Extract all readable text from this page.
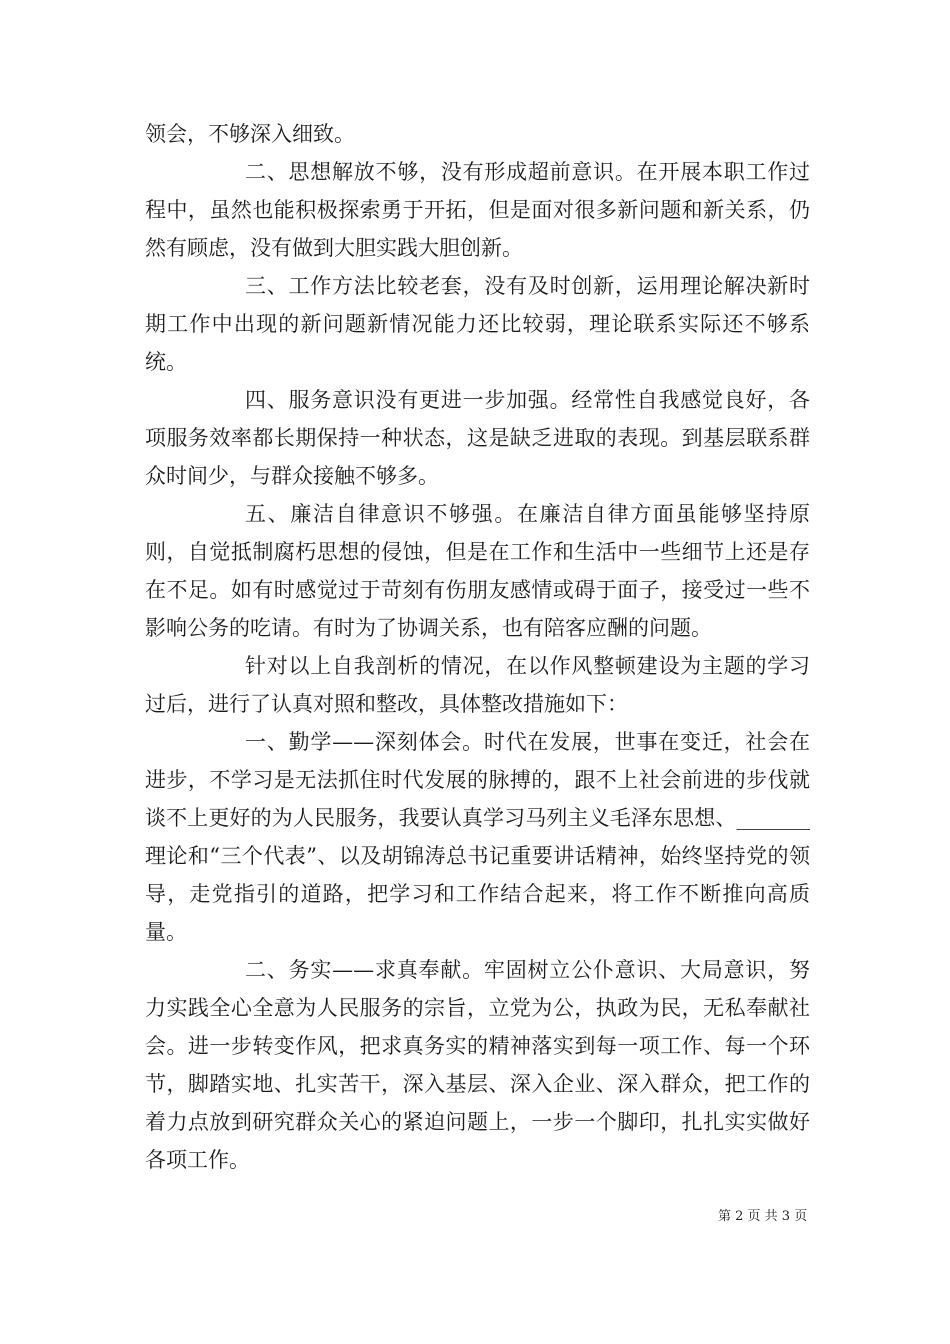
领会，不够深入细致。

二、思想解放不够，没有形成超前意识。在开展本职工作过程中，虽然也能积极探索勇于开拓，但是面对很多新问题和新关系，仍然有顾虑，没有做到大胆实践大胆创新。

三、工作方法比较老套，没有及时创新，运用理论解决新时期工作中出现的新问题新情况能力还比较弱，理论联系实际还不够系统。

四、服务意识没有更进一步加强。经常性自我感觉良好，各项服务效率都长期保持一种状态，这是缺乏进取的表现。到基层联系群众时间少，与群众接触不够多。

五、廉洁自律意识不够强。在廉洁自律方面虽能够坚持原则，自觉抵制腐朽思想的侵蚀，但是在工作和生活中一些细节上还是存在不足。如有时感觉过于苛刻有伤朋友感情或碍于面子，接受过一些不影响公务的吃请。有时为了协调关系，也有陪客应酬的问题。

针对以上自我剖析的情况，在以作风整顿建设为主题的学习过后，进行了认真对照和整改，具体整改措施如下：

一、勤学——深刻体会。时代在发展，世事在变迁，社会在进步，不学习是无法抓住时代发展的脉搏的，跟不上社会前进的步伐就谈不上更好的为人民服务，我要认真学习马列主义毛泽东思想、_______理论和“三个代表”、以及胡锦涛总书记重要讲话精神，始终坚持党的领导，走党指引的道路，把学习和工作结合起来，将工作不断推向高质量。

二、务实——求真奉献。牢固树立公仆意识、大局意识，努力实践全心全意为人民服务的宗旨，立党为公，执政为民，无私奉献社会。进一步转变作风，把求真务实的精神落实到每一项工作、每一个环节，脚踏实地、扎实苦干，深入基层、深入企业、深入群众，把工作的着力点放到研究群众关心的紧迫问题上，一步一个脚印，扎扎实实做好各项工作。

第 2 页 共 3 页
